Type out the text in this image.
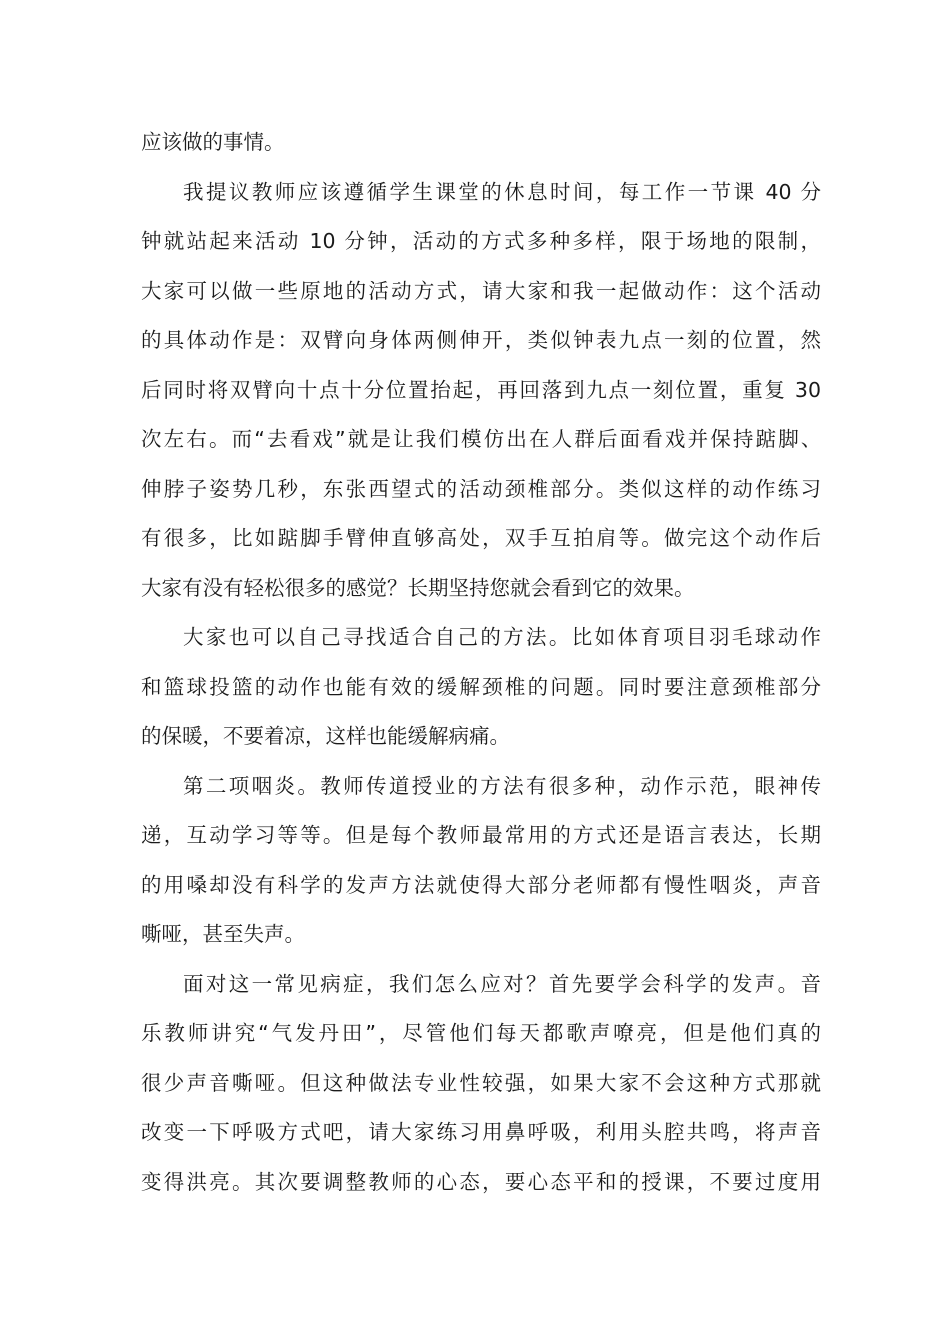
应该做的事情。
我提议教师应该遵循学生课堂的休息时间，每工作一节课 40 分
钟就站起来活动 10 分钟，活动的方式多种多样，限于场地的限制，
大家可以做一些原地的活动方式，请大家和我一起做动作：这个活动
的具体动作是：双臂向身体两侧伸开，类似钟表九点一刻的位置，然
后同时将双臂向十点十分位置抬起，再回落到九点一刻位置，重复 30
次左右。而“去看戏”就是让我们模仿出在人群后面看戏并保持踮脚、
伸脖子姿势几秒，东张西望式的活动颈椎部分。类似这样的动作练习
有很多，比如踮脚手臂伸直够高处，双手互拍肩等。做完这个动作后
大家有没有轻松很多的感觉？长期坚持您就会看到它的效果。
大家也可以自己寻找适合自己的方法。比如体育项目羽毛球动作
和篮球投篮的动作也能有效的缓解颈椎的问题。同时要注意颈椎部分
的保暖，不要着凉，这样也能缓解病痛。
第二项咽炎。教师传道授业的方法有很多种，动作示范，眼神传
递，互动学习等等。但是每个教师最常用的方式还是语言表达，长期
的用嗓却没有科学的发声方法就使得大部分老师都有慢性咽炎，声音
嘶哑，甚至失声。
面对这一常见病症，我们怎么应对？首先要学会科学的发声。音
乐教师讲究“气发丹田”，尽管他们每天都歌声嘹亮，但是他们真的
很少声音嘶哑。但这种做法专业性较强，如果大家不会这种方式那就
改变一下呼吸方式吧，请大家练习用鼻呼吸，利用头腔共鸣，将声音
变得洪亮。其次要调整教师的心态，要心态平和的授课，不要过度用
